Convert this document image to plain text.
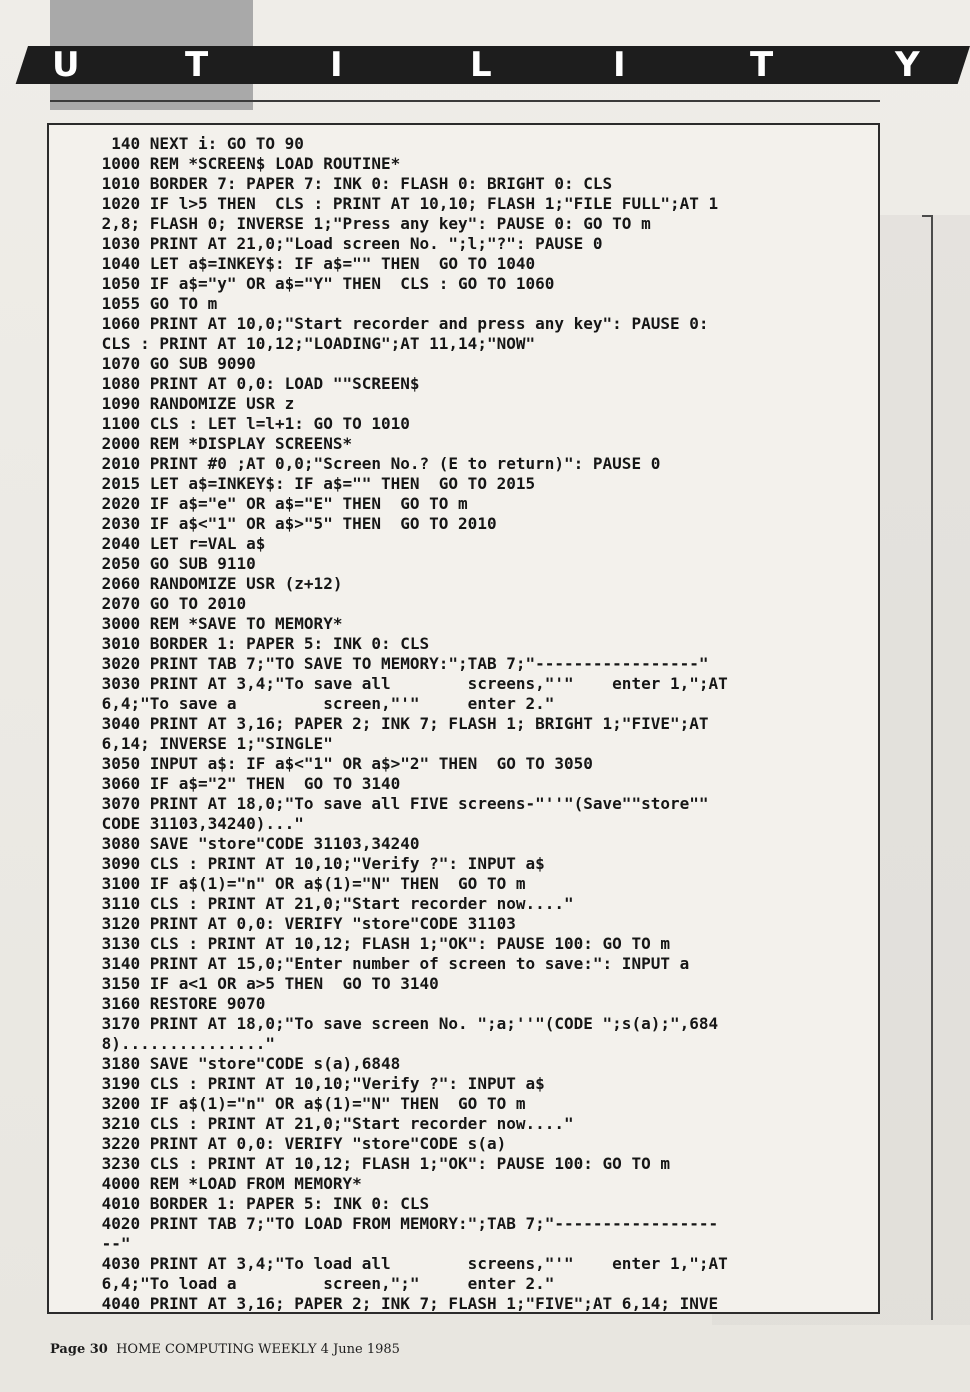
U	T	I	L	I	T	Y
140 NEXT i: GO TO 90
1000 REM *SCREEN$ LOAD ROUTINE*
1010 BORDER 7: PAPER 7: INK 0: FLASH 0: BRIGHT 0: CLS
1020 IF l>5 THEN  CLS : PRINT AT 10,10; FLASH 1;"FILE FULL";AT 1
2,8; FLASH 0; INVERSE 1;"Press any key": PAUSE 0: GO TO m
1030 PRINT AT 21,0;"Load screen No. ";l;"?": PAUSE 0
1040 LET a$=INKEY$: IF a$="" THEN  GO TO 1040
1050 IF a$="y" OR a$="Y" THEN  CLS : GO TO 1060
1055 GO TO m
1060 PRINT AT 10,0;"Start recorder and press any key": PAUSE 0:
CLS : PRINT AT 10,12;"LOADING";AT 11,14;"NOW"
1070 GO SUB 9090
1080 PRINT AT 0,0: LOAD ""SCREEN$
1090 RANDOMIZE USR z
1100 CLS : LET l=l+1: GO TO 1010
2000 REM *DISPLAY SCREENS*
2010 PRINT #0 ;AT 0,0;"Screen No.? (E to return)": PAUSE 0
2015 LET a$=INKEY$: IF a$="" THEN  GO TO 2015
2020 IF a$="e" OR a$="E" THEN  GO TO m
2030 IF a$<"1" OR a$>"5" THEN  GO TO 2010
2040 LET r=VAL a$
2050 GO SUB 9110
2060 RANDOMIZE USR (z+12)
2070 GO TO 2010
3000 REM *SAVE TO MEMORY*
3010 BORDER 1: PAPER 5: INK 0: CLS
3020 PRINT TAB 7;"TO SAVE TO MEMORY:";TAB 7;"-----------------"
3030 PRINT AT 3,4;"To save all        screens,"'"    enter 1,";AT
6,4;"To save a         screen,"'"     enter 2."
3040 PRINT AT 3,16; PAPER 2; INK 7; FLASH 1; BRIGHT 1;"FIVE";AT
6,14; INVERSE 1;"SINGLE"
3050 INPUT a$: IF a$<"1" OR a$>"2" THEN  GO TO 3050
3060 IF a$="2" THEN  GO TO 3140
3070 PRINT AT 18,0;"To save all FIVE screens-"''"(Save""store""
CODE 31103,34240)..."
3080 SAVE "store"CODE 31103,34240
3090 CLS : PRINT AT 10,10;"Verify ?": INPUT a$
3100 IF a$(1)="n" OR a$(1)="N" THEN  GO TO m
3110 CLS : PRINT AT 21,0;"Start recorder now...."
3120 PRINT AT 0,0: VERIFY "store"CODE 31103
3130 CLS : PRINT AT 10,12; FLASH 1;"OK": PAUSE 100: GO TO m
3140 PRINT AT 15,0;"Enter number of screen to save:": INPUT a
3150 IF a<1 OR a>5 THEN  GO TO 3140
3160 RESTORE 9070
3170 PRINT AT 18,0;"To save screen No. ";a;''"(CODE ";s(a);",684
8)..............."
3180 SAVE "store"CODE s(a),6848
3190 CLS : PRINT AT 10,10;"Verify ?": INPUT a$
3200 IF a$(1)="n" OR a$(1)="N" THEN  GO TO m
3210 CLS : PRINT AT 21,0;"Start recorder now...."
3220 PRINT AT 0,0: VERIFY "store"CODE s(a)
3230 CLS : PRINT AT 10,12; FLASH 1;"OK": PAUSE 100: GO TO m
4000 REM *LOAD FROM MEMORY*
4010 BORDER 1: PAPER 5: INK 0: CLS
4020 PRINT TAB 7;"TO LOAD FROM MEMORY:";TAB 7;"-----------------
--"
4030 PRINT AT 3,4;"To load all        screens,"'"    enter 1,";AT
6,4;"To load a         screen,";"     enter 2."
4040 PRINT AT 3,16; PAPER 2; INK 7; FLASH 1;"FIVE";AT 6,14; INVE
Page 30 HOME COMPUTING WEEKLY 4 June 1985
